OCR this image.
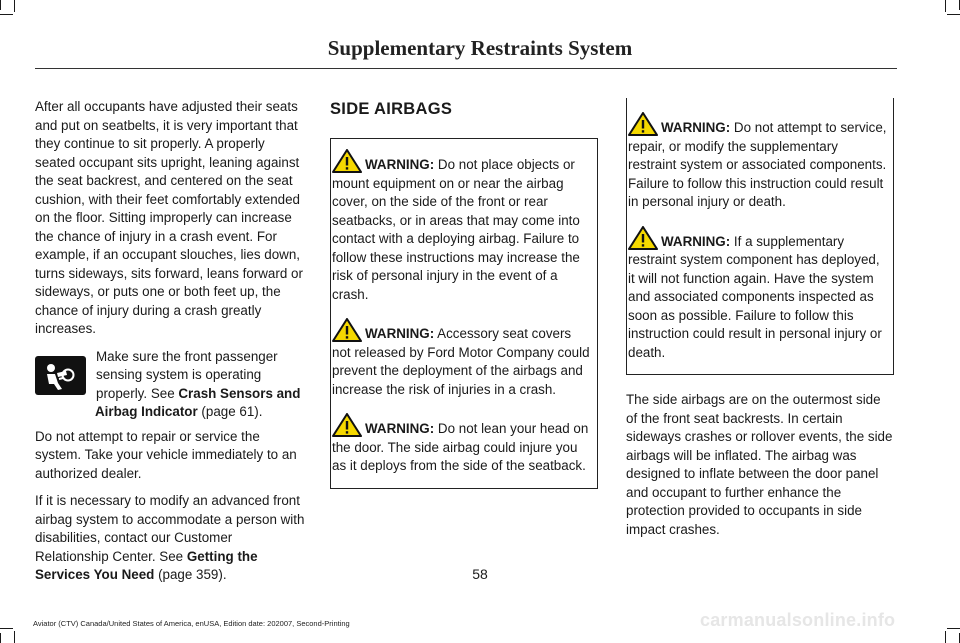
Supplementary Restraints System

After all occupants have adjusted their seats and put on seatbelts, it is very important that they continue to sit properly. A properly seated occupant sits upright, leaning against the seat backrest, and centered on the seat cushion, with their feet comfortably extended on the floor. Sitting improperly can increase the chance of injury in a crash event. For example, if an occupant slouches, lies down, turns sideways, sits forward, leans forward or sideways, or puts one or both feet up, the chance of injury during a crash greatly increases.

Make sure the front passenger sensing system is operating properly. See Crash Sensors and Airbag Indicator (page 61).

Do not attempt to repair or service the system. Take your vehicle immediately to an authorized dealer.

If it is necessary to modify an advanced front airbag system to accommodate a person with disabilities, contact our Customer Relationship Center. See Getting the Services You Need (page 359).

SIDE AIRBAGS
WARNING: Do not place objects or mount equipment on or near the airbag cover, on the side of the front or rear seatbacks, or in areas that may come into contact with a deploying airbag. Failure to follow these instructions may increase the risk of personal injury in the event of a crash.
WARNING: Accessory seat covers not released by Ford Motor Company could prevent the deployment of the airbags and increase the risk of injuries in a crash.
WARNING: Do not lean your head on the door. The side airbag could injure you as it deploys from the side of the seatback.
WARNING: Do not attempt to service, repair, or modify the supplementary restraint system or associated components. Failure to follow this instruction could result in personal injury or death.
WARNING: If a supplementary restraint system component has deployed, it will not function again. Have the system and associated components inspected as soon as possible. Failure to follow this instruction could result in personal injury or death.

The side airbags are on the outermost side of the front seat backrests. In certain sideways crashes or rollover events, the side airbags will be inflated. The airbag was designed to inflate between the door panel and occupant to further enhance the protection provided to occupants in side impact crashes.

58
Aviator (CTV) Canada/United States of America, enUSA, Edition date: 202007, Second-Printing	carmanualsonline.info
